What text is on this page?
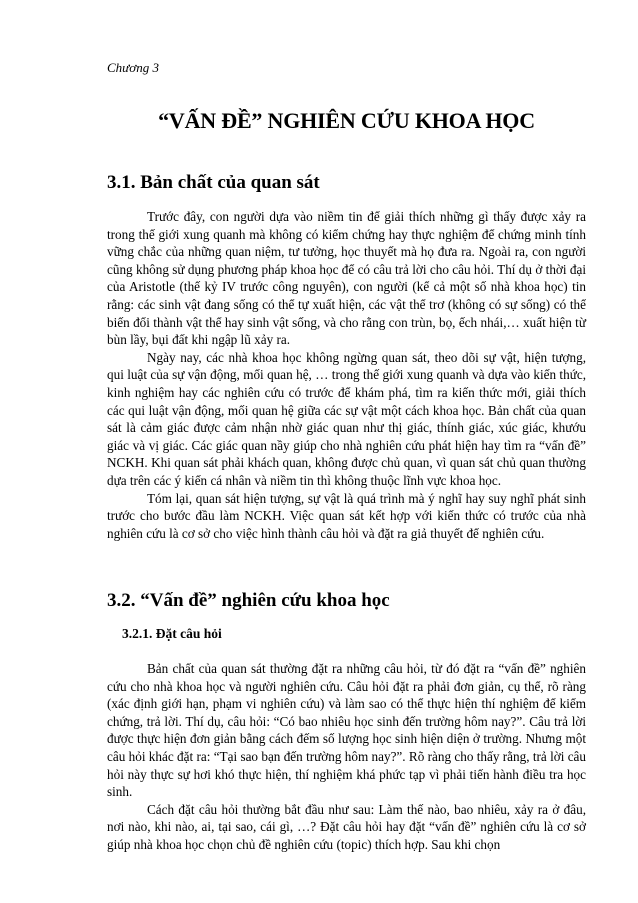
Chương 3
“VẤN ĐỀ” NGHIÊN CỨU KHOA HỌC
3.1. Bản chất của quan sát

Trước đây, con người dựa vào niềm tin để giải thích những gì thấy được xảy ra trong thế giới xung quanh mà không có kiểm chứng hay thực nghiệm để chứng minh tính vững chắc của những quan niệm, tư tưởng, học thuyết mà họ đưa ra. Ngoài ra, con người cũng không sử dụng phương pháp khoa học để có câu trả lời cho câu hỏi. Thí dụ ở thời đại của Aristotle (thế kỷ IV trước công nguyên), con người (kể cả một số nhà khoa học) tin rằng: các sinh vật đang sống có thể tự xuất hiện, các vật thể trơ (không có sự sống) có thể biến đổi thành vật thể hay sinh vật sống, và cho rằng con trùn, bọ, ếch nhái,… xuất hiện từ bùn lầy, bụi đất khi ngập lũ xảy ra.

Ngày nay, các nhà khoa học không ngừng quan sát, theo dõi sự vật, hiện tượng, qui luật của sự vận động, mối quan hệ, … trong thế giới xung quanh và dựa vào kiến thức, kinh nghiệm hay các nghiên cứu có trước để khám phá, tìm ra kiến thức mới, giải thích các qui luật vận động, mối quan hệ giữa các sự vật một cách khoa học. Bản chất của quan sát là cảm giác được cảm nhận nhờ giác quan như thị giác, thính giác, xúc giác, khướu giác và vị giác. Các giác quan nầy giúp cho nhà nghiên cứu phát hiện hay tìm ra “vấn đề” NCKH. Khi quan sát phải khách quan, không được chủ quan, vì quan sát chủ quan thường dựa trên các ý kiến cá nhân và niềm tin thì không thuộc lĩnh vực khoa học.

Tóm lại, quan sát hiện tượng, sự vật là quá trình mà ý nghĩ hay suy nghĩ phát sinh trước cho bước đầu làm NCKH. Việc quan sát kết hợp với kiến thức có trước của nhà nghiên cứu là cơ sở cho việc hình thành câu hỏi và đặt ra giả thuyết để nghiên cứu.

3.2. “Vấn đề” nghiên cứu khoa học
3.2.1. Đặt câu hỏi

Bản chất của quan sát thường đặt ra những câu hỏi, từ đó đặt ra “vấn đề” nghiên cứu cho nhà khoa học và người nghiên cứu. Câu hỏi đặt ra phải đơn giản, cụ thể, rõ ràng (xác định giới hạn, phạm vi nghiên cứu) và làm sao có thể thực hiện thí nghiệm để kiểm chứng, trả lời. Thí dụ, câu hỏi: “Có bao nhiêu học sinh đến trường hôm nay?”. Câu trả lời được thực hiện đơn giản bằng cách đếm số lượng học sinh hiện diện ở trường. Nhưng một câu hỏi khác đặt ra: “Tại sao bạn đến trường hôm nay?”. Rõ ràng cho thấy rằng, trả lời câu hỏi này thực sự hơi khó thực hiện, thí nghiệm khá phức tạp vì phải tiến hành điều tra học sinh.

Cách đặt câu hỏi thường bắt đầu như sau: Làm thế nào, bao nhiêu, xảy ra ở đâu, nơi nào, khi nào, ai, tại sao, cái gì, …? Đặt câu hỏi hay đặt “vấn đề” nghiên cứu là cơ sở giúp nhà khoa học chọn chủ đề nghiên cứu (topic) thích hợp. Sau khi chọn
